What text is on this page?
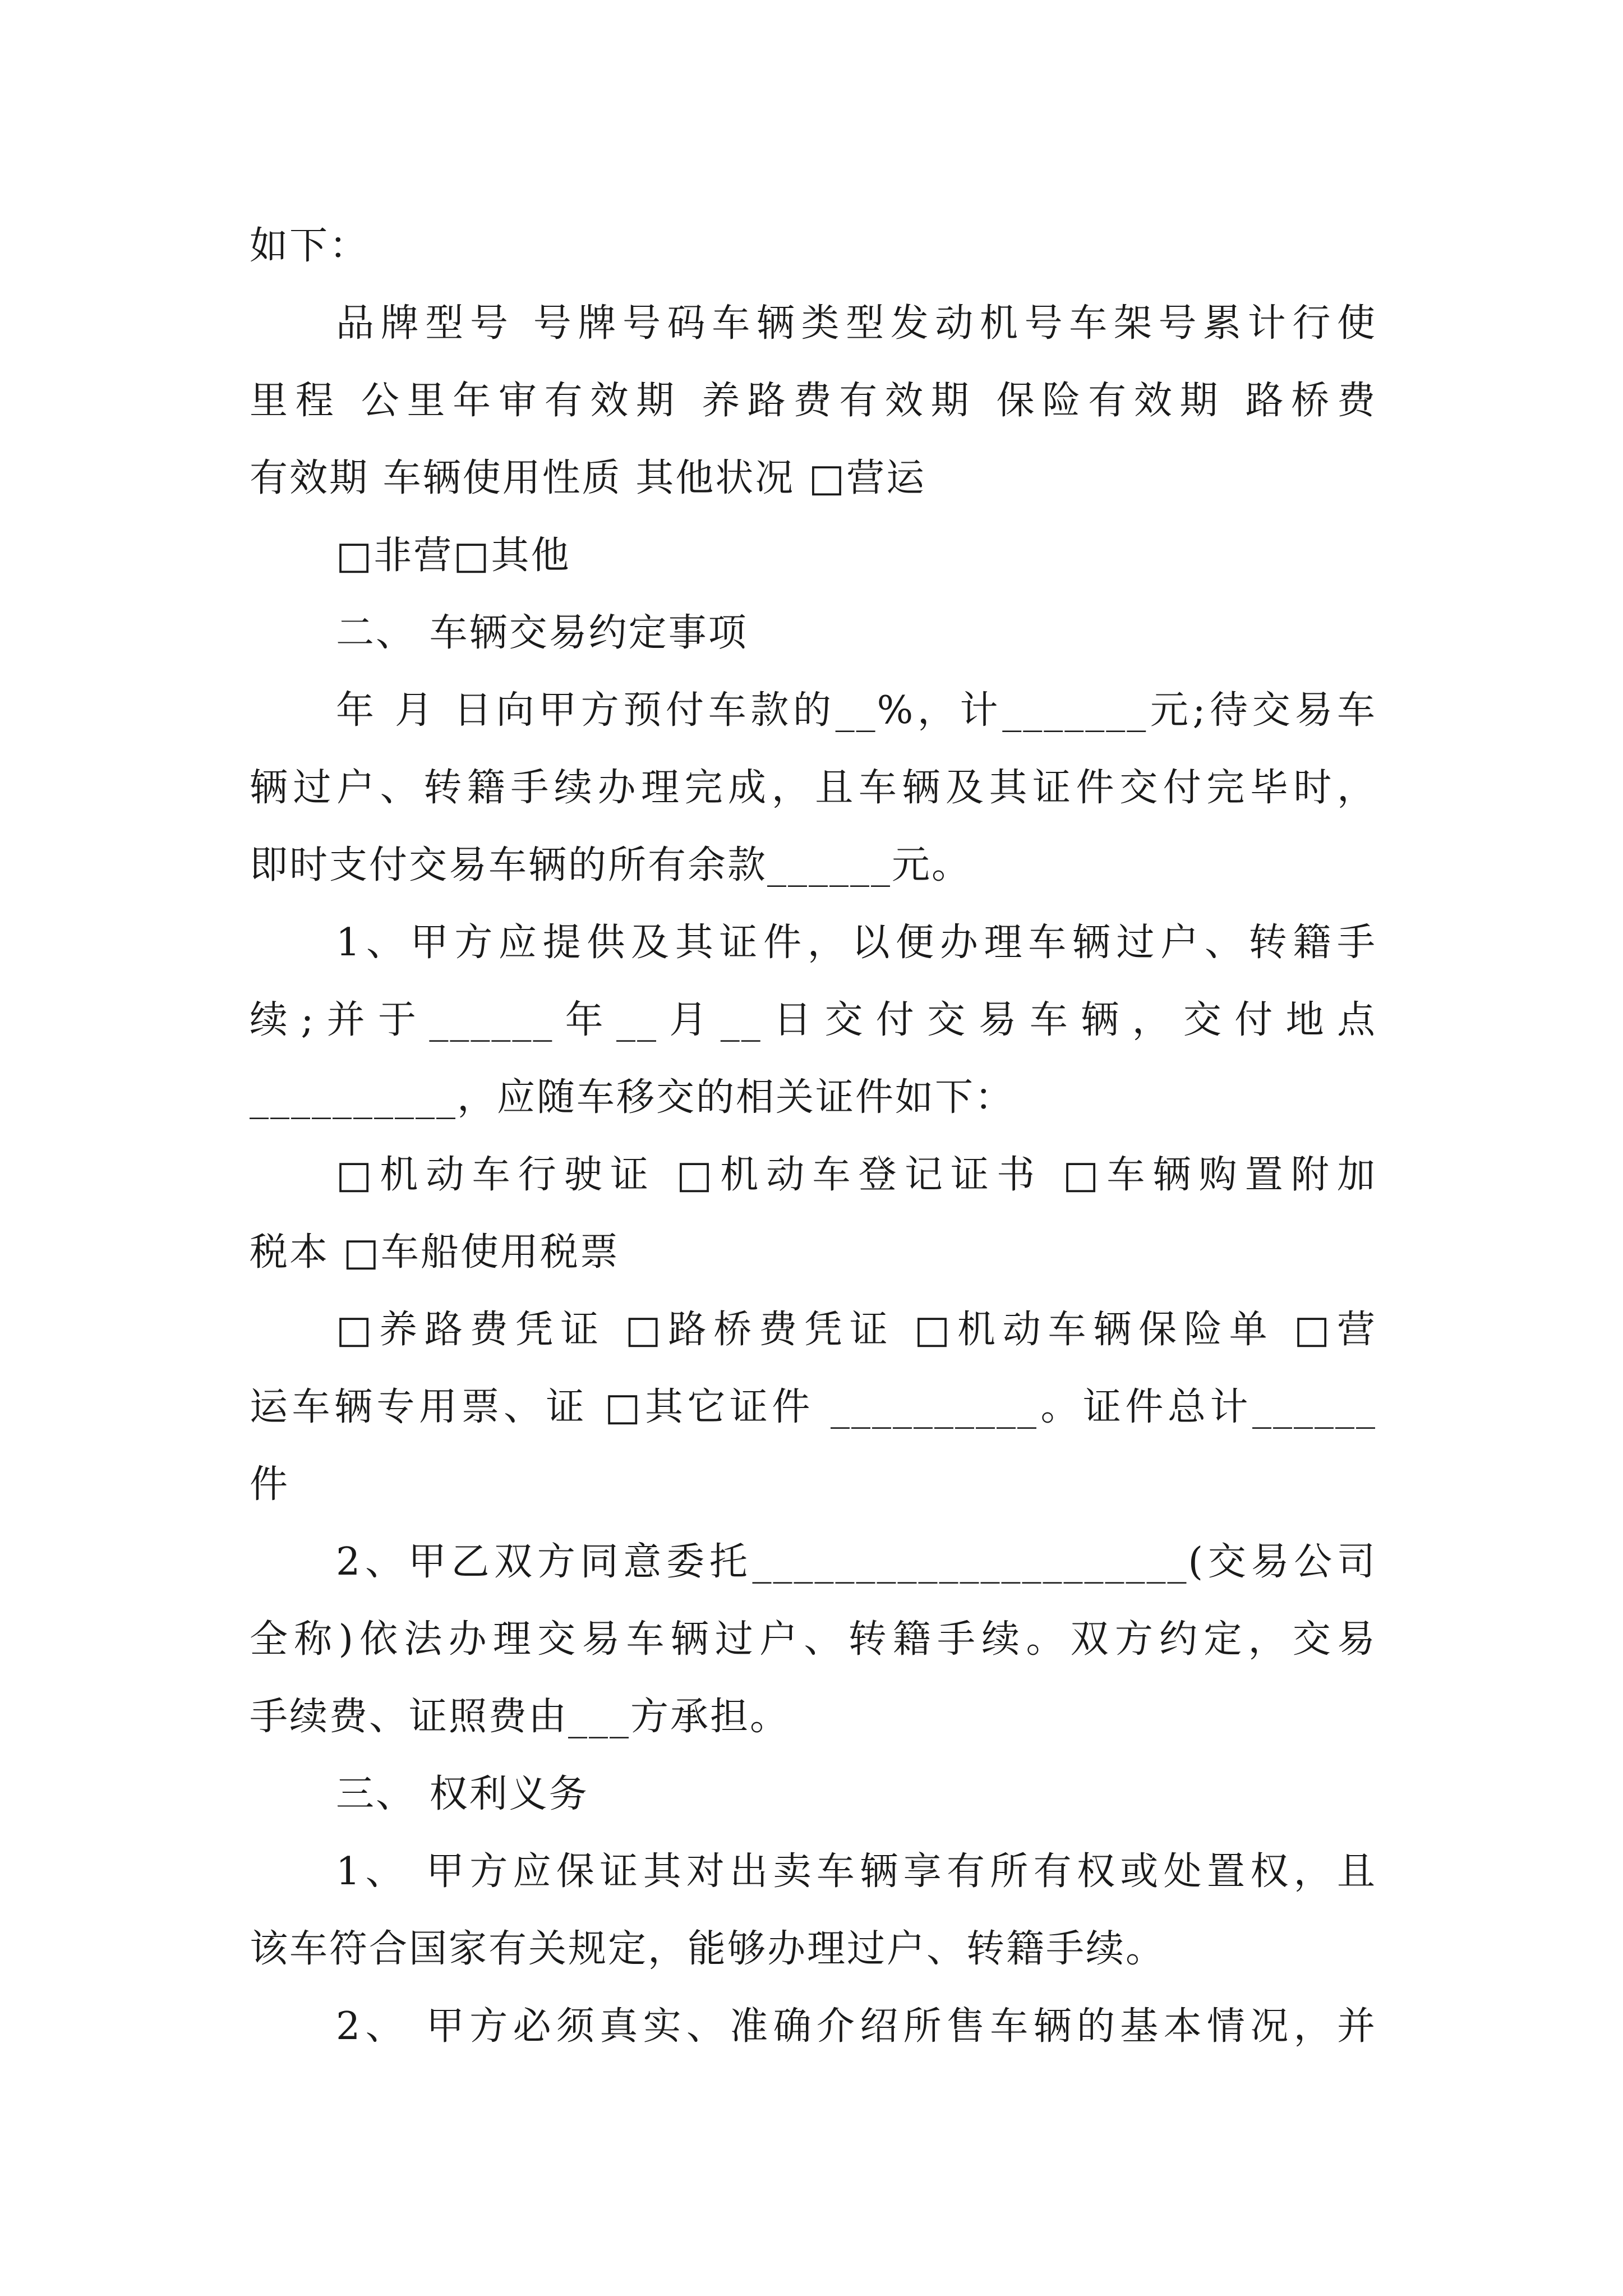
如下：
品牌型号 号牌号码车辆类型发动机号车架号累计行使
里程 公里年审有效期 养路费有效期 保险有效期 路桥费
有效期 车辆使用性质 其他状况 □营运
□非营□其他
二、 车辆交易约定事项
年 月 日向甲方预付车款的__%，计_______元;待交易车
辆过户、转籍手续办理完成，且车辆及其证件交付完毕时，
即时支付交易车辆的所有余款______元。
1、甲方应提供及其证件，以便办理车辆过户、转籍手
续;并于______年__月__日交付交易车辆，交付地点
__________，应随车移交的相关证件如下：
□机动车行驶证 □机动车登记证书 □车辆购置附加
税本 □车船使用税票
□养路费凭证 □路桥费凭证 □机动车辆保险单 □营
运车辆专用票、证 □其它证件 __________。证件总计______
件
2、甲乙双方同意委托_____________________(交易公司
全称)依法办理交易车辆过户、转籍手续。双方约定，交易
手续费、证照费由___方承担。
三、 权利义务
1、 甲方应保证其对出卖车辆享有所有权或处置权，且
该车符合国家有关规定，能够办理过户、转籍手续。
2、 甲方必须真实、准确介绍所售车辆的基本情况，并
